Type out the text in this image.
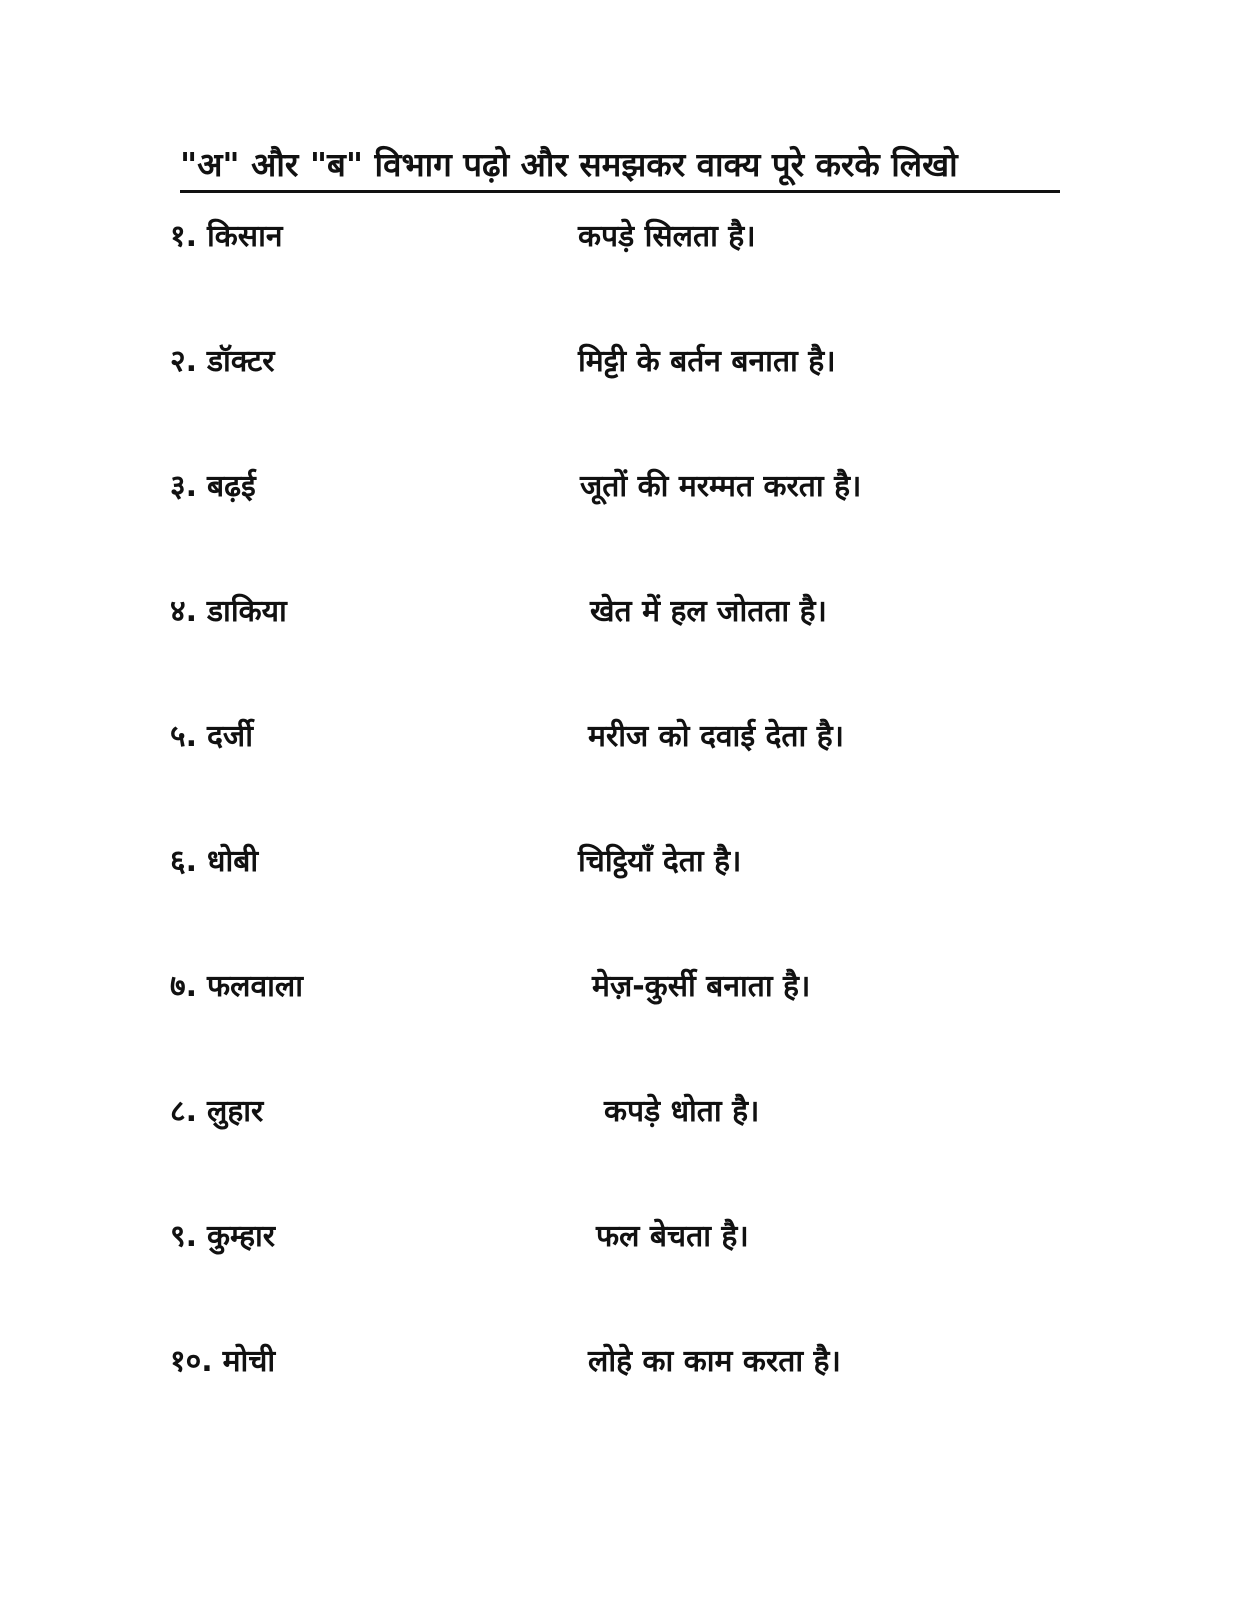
"अ" और "ब" विभाग पढ़ो और समझकर वाक्य पूरे करके लिखो
१. किसान	कपड़े सिलता है।
२. डॉक्टर	मिट्टी के बर्तन बनाता है।
३. बढ़ई	जूतों की मरम्मत करता है।
४. डाकिया	खेत में हल जोतता है।
५. दर्जी	मरीज को दवाई देता है।
६. धोबी	चिट्ठियाँ देता है।
७. फलवाला	मेज़-कुर्सी बनाता है।
८. लुहार	कपड़े धोता है।
९. कुम्हार	फल बेचता है।
१०. मोची	लोहे का काम करता है।
